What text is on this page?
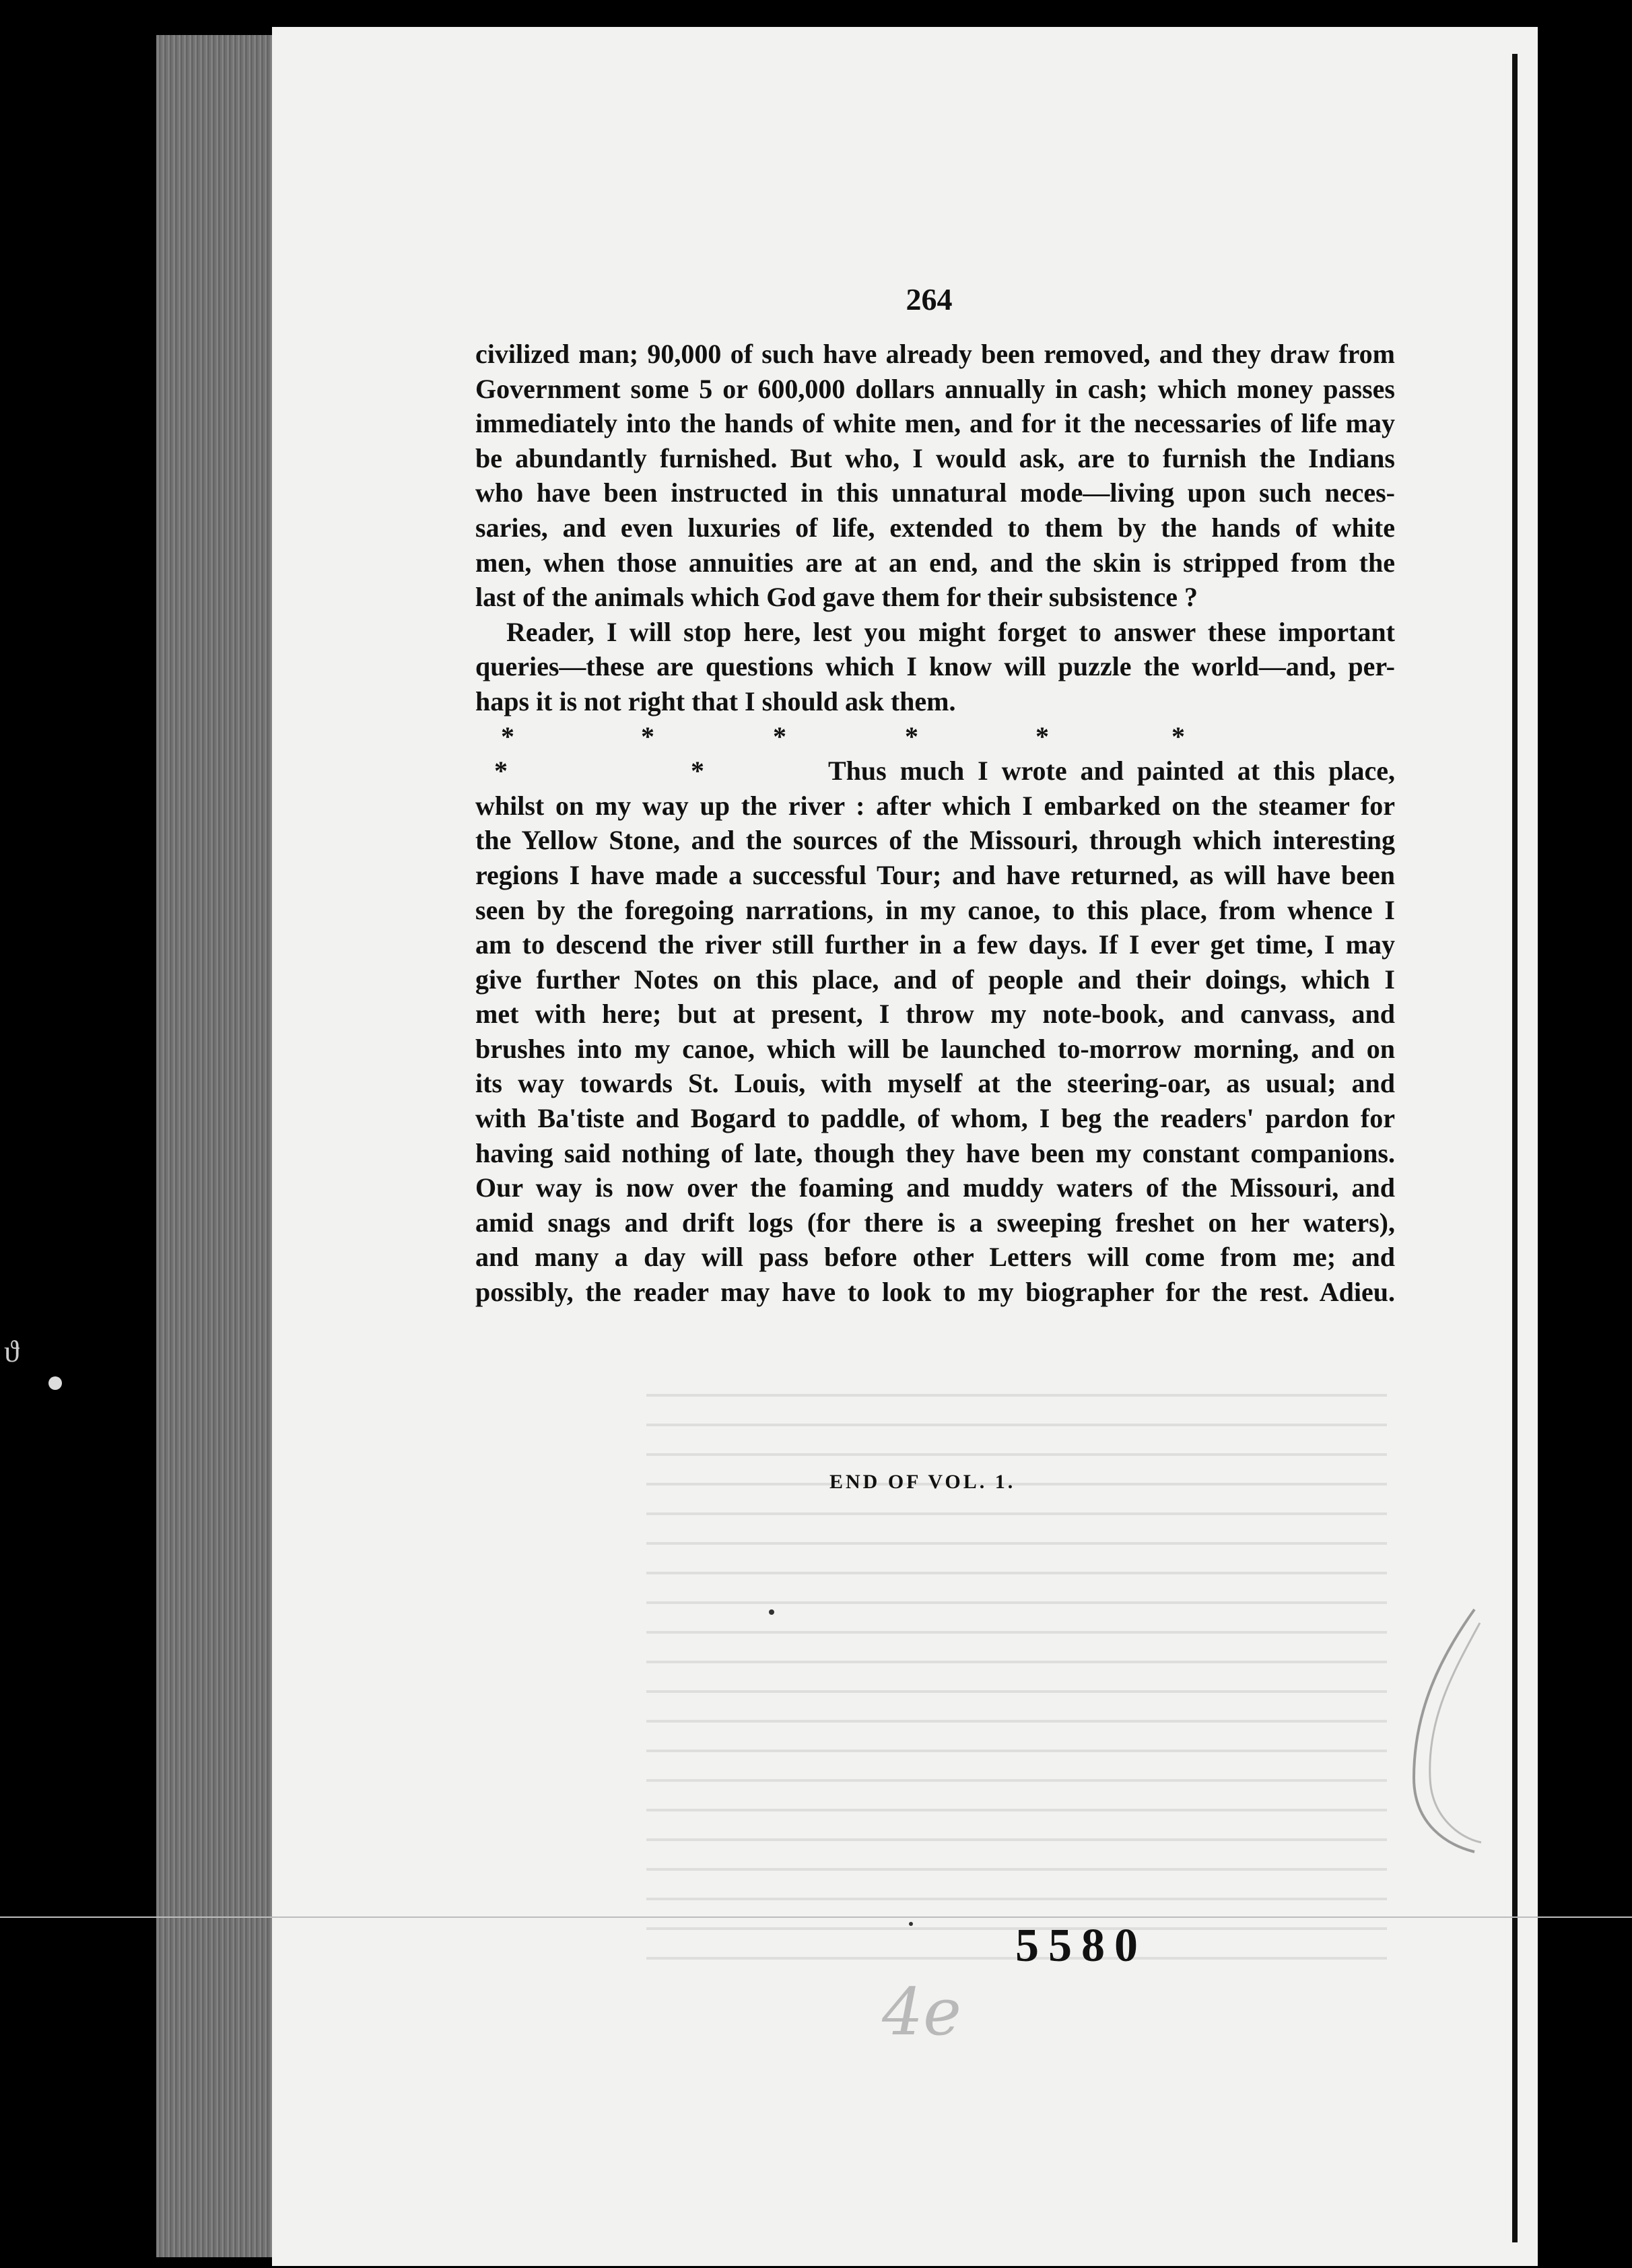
ϑ
264
civilized man; 90,000 of such have already been removed, and they draw from
Government some 5 or 600,000 dollars annually in cash; which money passes
immediately into the hands of white men, and for it the necessaries of life may
be abundantly furnished. But who, I would ask, are to furnish the Indians
who have been instructed in this unnatural mode—living upon such neces-
saries, and even luxuries of life, extended to them by the hands of white
men, when those annuities are at an end, and the skin is stripped from the
last of the animals which God gave them for their subsistence ?
Reader, I will stop here, lest you might forget to answer these important
queries—these are questions which I know will puzzle the world—and, per-
haps it is not right that I should ask them.
*	*	*	*	*	*
*	*	Thus much I wrote and painted at this place,
whilst on my way up the river : after which I embarked on the steamer for
the Yellow Stone, and the sources of the Missouri, through which interesting
regions I have made a successful Tour; and have returned, as will have been
seen by the foregoing narrations, in my canoe, to this place, from whence I
am to descend the river still further in a few days. If I ever get time, I may
give further Notes on this place, and of people and their doings, which I
met with here; but at present, I throw my note-book, and canvass, and
brushes into my canoe, which will be launched to-morrow morning, and on
its way towards St. Louis, with myself at the steering-oar, as usual; and
with Ba'tiste and Bogard to paddle, of whom, I beg the readers' pardon for
having said nothing of late, though they have been my constant companions.
Our way is now over the foaming and muddy waters of the Missouri, and
amid snags and drift logs (for there is a sweeping freshet on her waters),
and many a day will pass before other Letters will come from me; and
possibly, the reader may have to look to my biographer for the rest. Adieu.
END OF VOL. 1.
5580
4e
